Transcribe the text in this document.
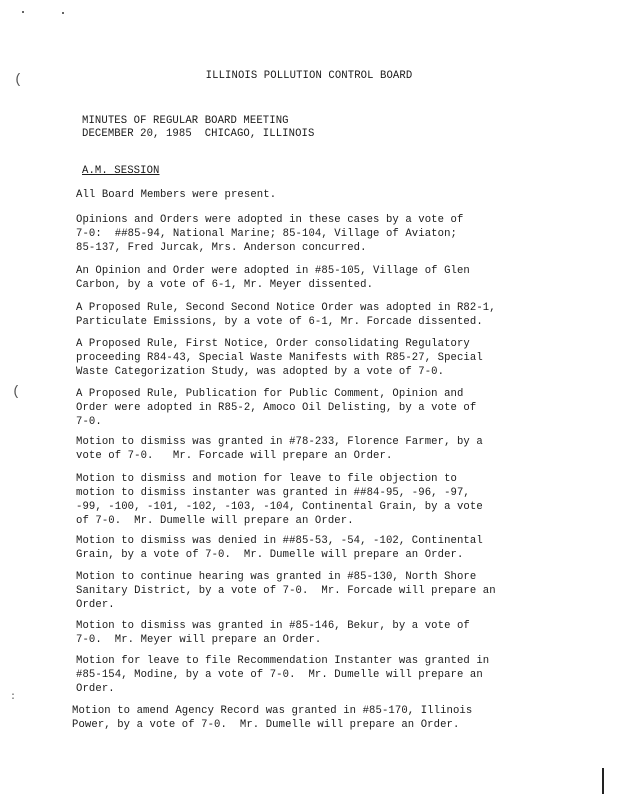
(
(
:
ILLINOIS POLLUTION CONTROL BOARD
MINUTES OF REGULAR BOARD MEETING
DECEMBER 20, 1985  CHICAGO, ILLINOIS
A.M. SESSION
All Board Members were present.
Opinions and Orders were adopted in these cases by a vote of
7-0:  ##85-94, National Marine; 85-104, Village of Aviaton;
85-137, Fred Jurcak, Mrs. Anderson concurred.
An Opinion and Order were adopted in #85-105, Village of Glen
Carbon, by a vote of 6-1, Mr. Meyer dissented.
A Proposed Rule, Second Second Notice Order was adopted in R82-1,
Particulate Emissions, by a vote of 6-1, Mr. Forcade dissented.
A Proposed Rule, First Notice, Order consolidating Regulatory
proceeding R84-43, Special Waste Manifests with R85-27, Special
Waste Categorization Study, was adopted by a vote of 7-0.
A Proposed Rule, Publication for Public Comment, Opinion and
Order were adopted in R85-2, Amoco Oil Delisting, by a vote of
7-0.
Motion to dismiss was granted in #78-233, Florence Farmer, by a
vote of 7-0.   Mr. Forcade will prepare an Order.
Motion to dismiss and motion for leave to file objection to
motion to dismiss instanter was granted in ##84-95, -96, -97,
-99, -100, -101, -102, -103, -104, Continental Grain, by a vote
of 7-0.  Mr. Dumelle will prepare an Order.
Motion to dismiss was denied in ##85-53, -54, -102, Continental
Grain, by a vote of 7-0.  Mr. Dumelle will prepare an Order.
Motion to continue hearing was granted in #85-130, North Shore
Sanitary District, by a vote of 7-0.  Mr. Forcade will prepare an
Order.
Motion to dismiss was granted in #85-146, Bekur, by a vote of
7-0.  Mr. Meyer will prepare an Order.
Motion for leave to file Recommendation Instanter was granted in
#85-154, Modine, by a vote of 7-0.  Mr. Dumelle will prepare an
Order.
Motion to amend Agency Record was granted in #85-170, Illinois
Power, by a vote of 7-0.  Mr. Dumelle will prepare an Order.
